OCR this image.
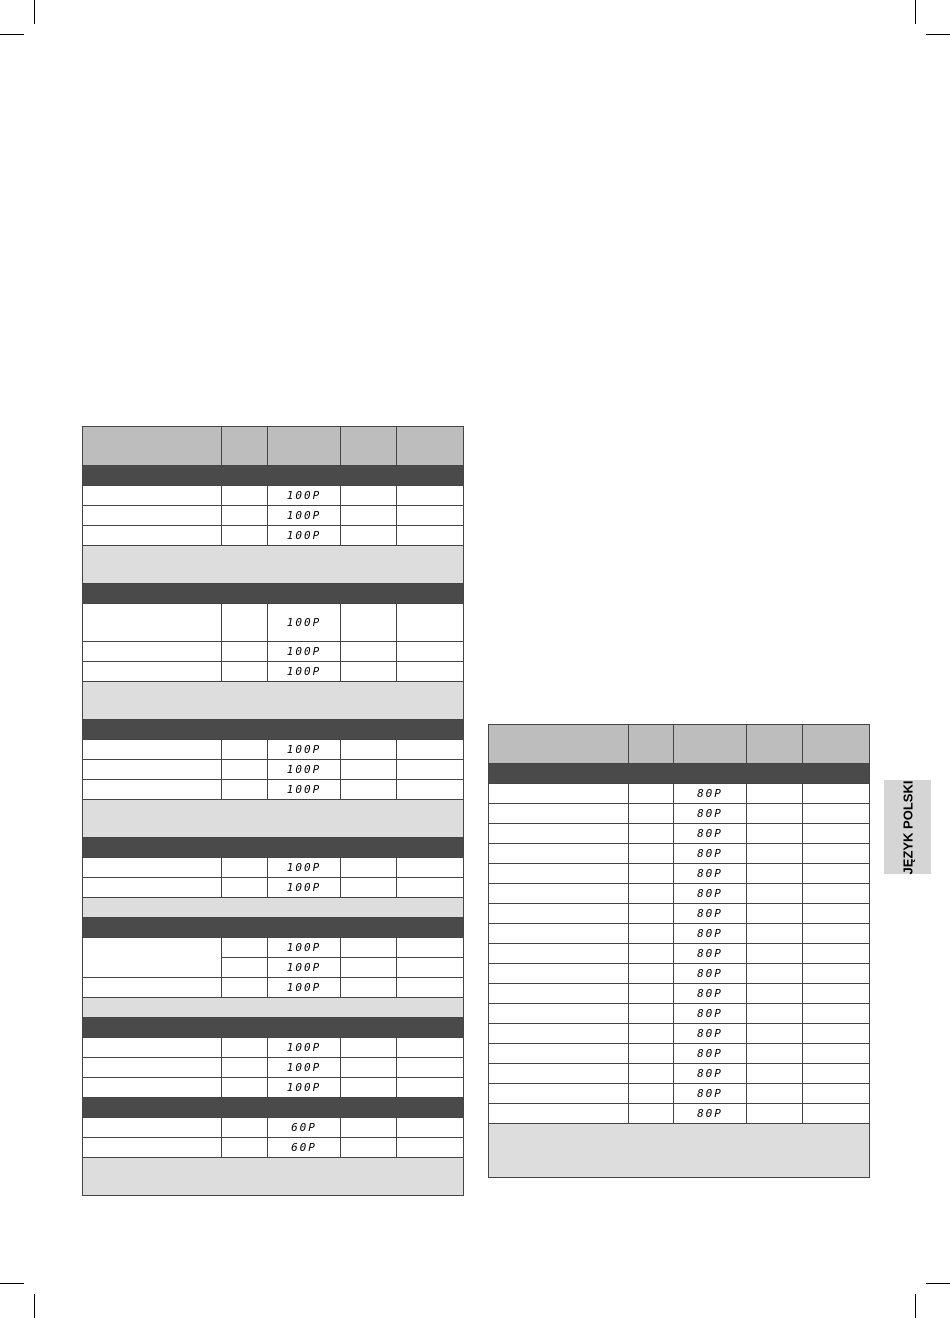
		100P		
		100P		
		100P		

		100P		
		100P		
		100P		

		100P		
		100P		
		100P		

		100P		
		100P		

		100P		
		100P		
		100P		

		100P		
		100P		
		100P		

		60P		
		60P		

		80P		
		80P		
		80P		
		80P		
		80P		
		80P		
		80P		
		80P		
		80P		
		80P		
		80P		
		80P		
		80P		
		80P		
		80P		
		80P		
		80P		

JĘZYK POLSKI
